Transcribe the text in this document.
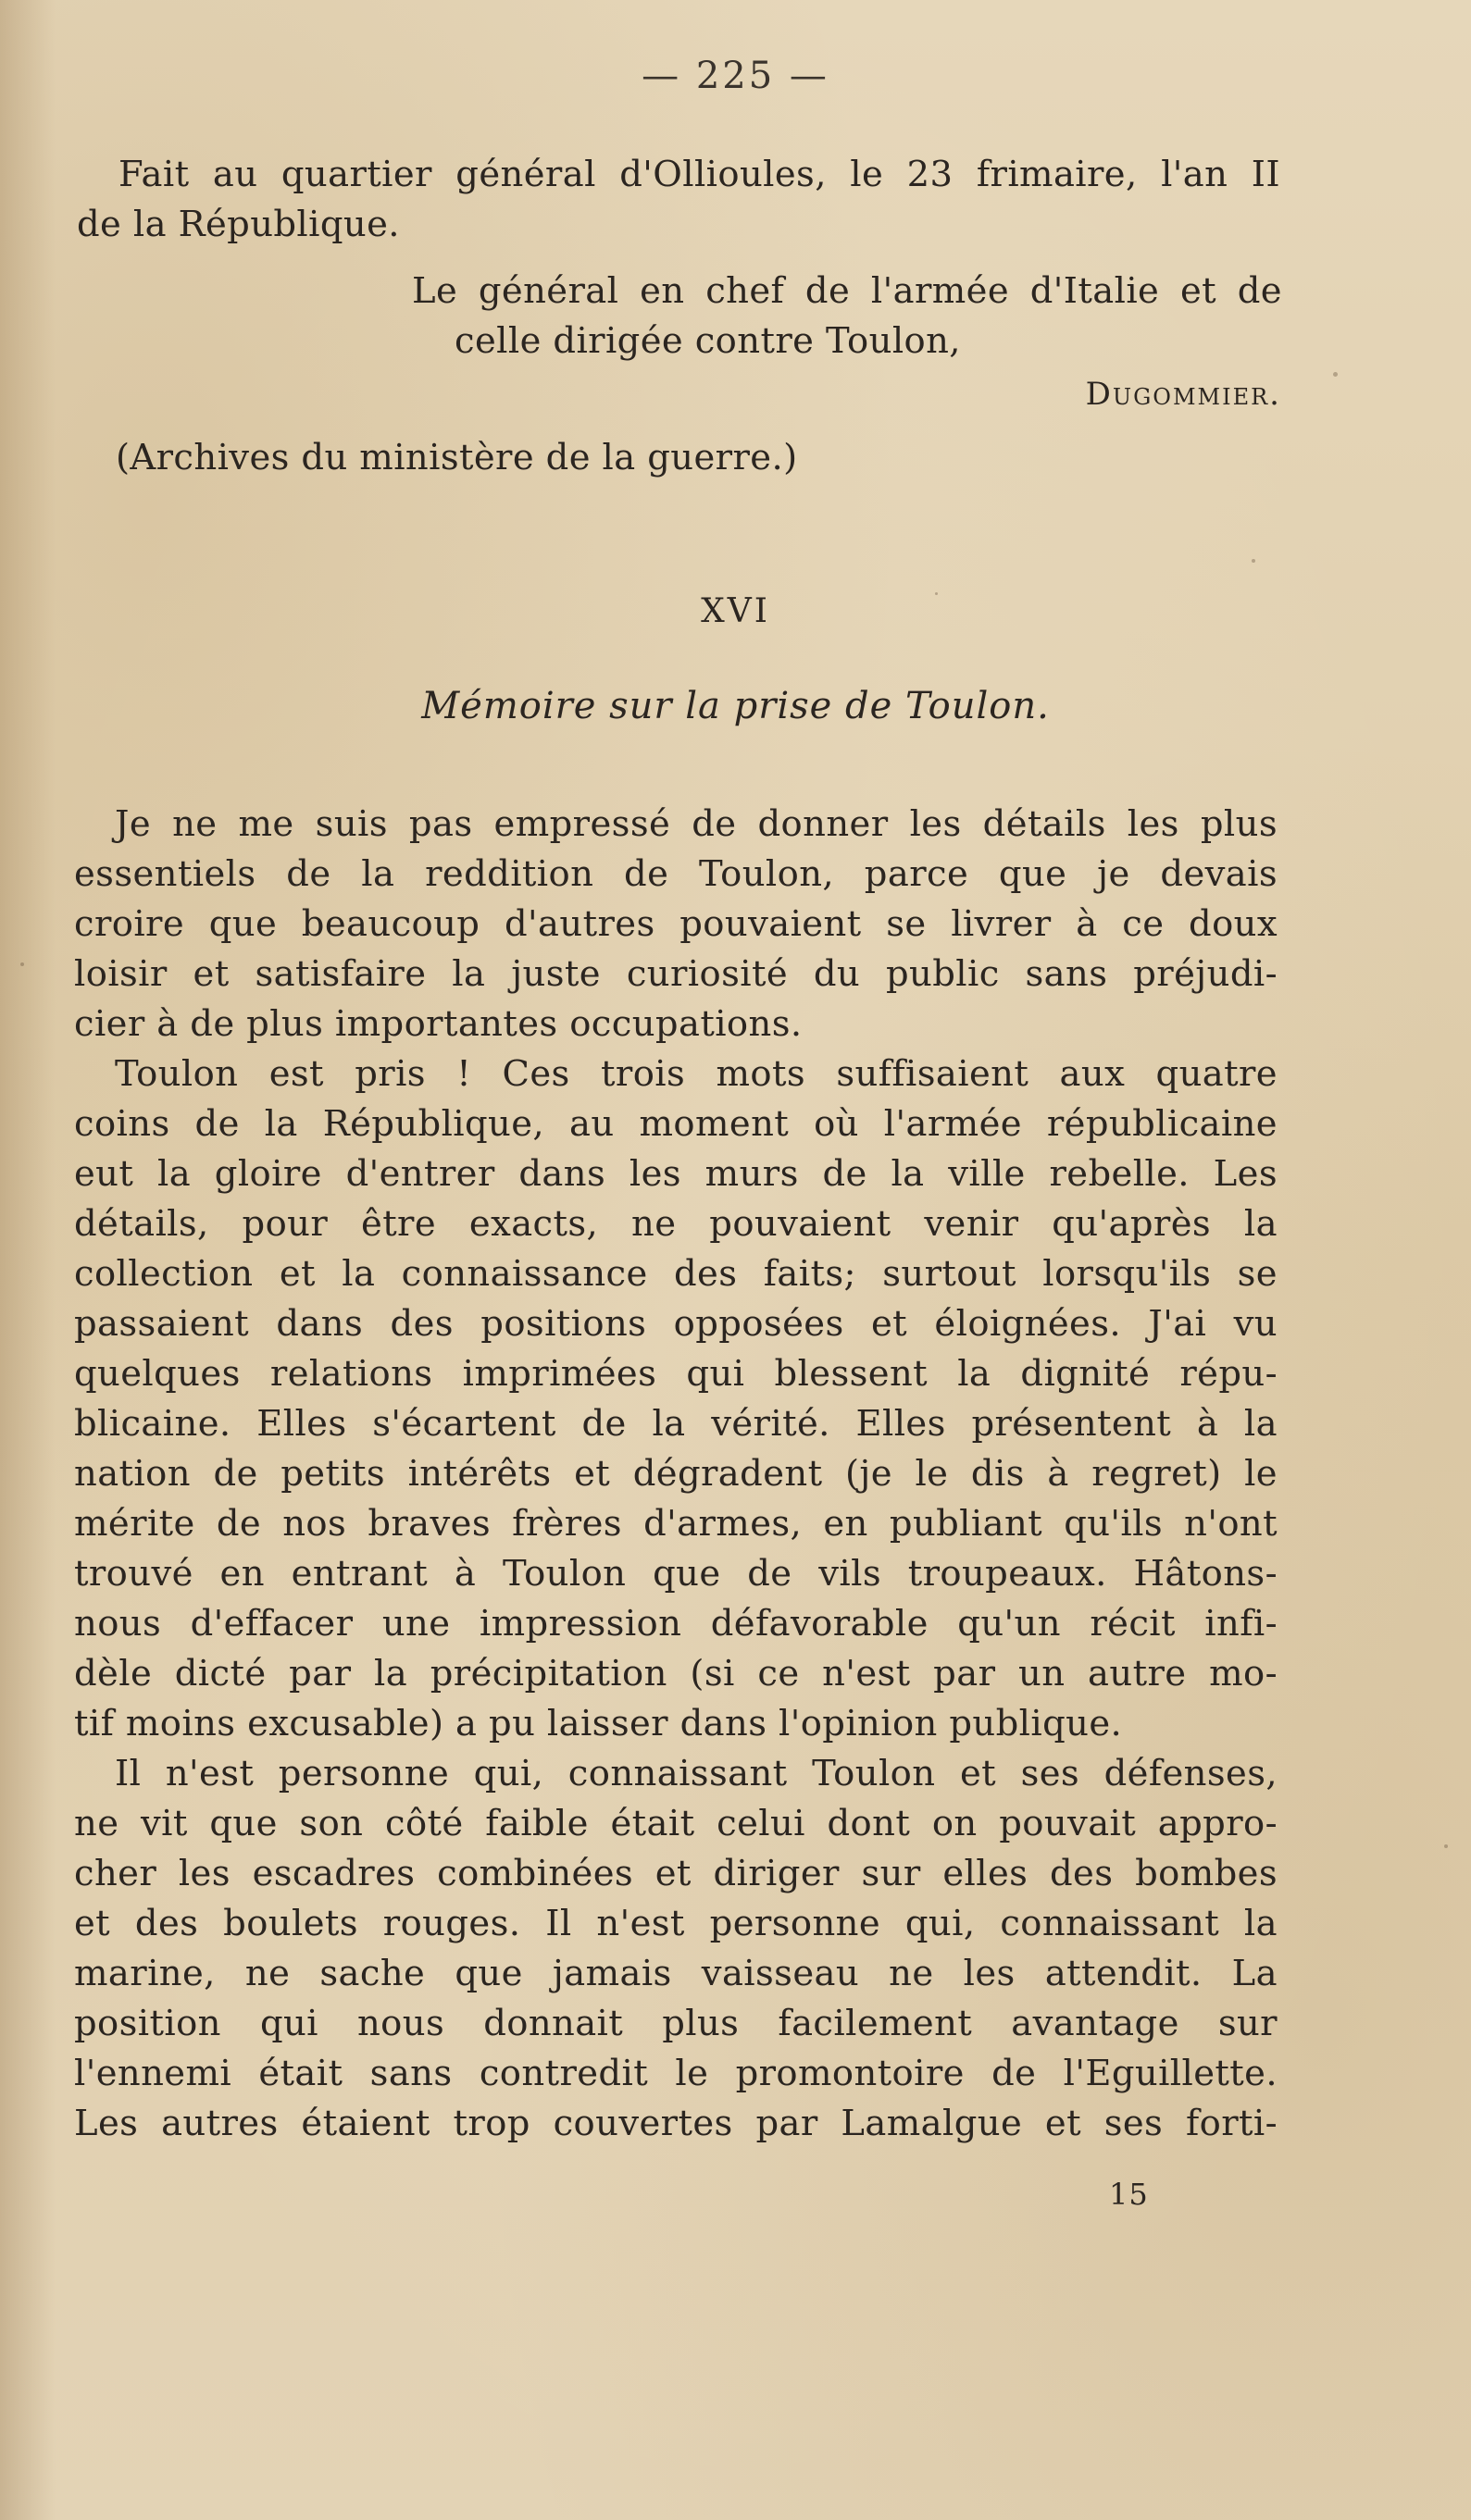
— 225 —
Fait au quartier général d'Ollioules, le 23 frimaire, l'an II
de la République.
Le général en chef de l'armée d'Italie et de
celle dirigée contre Toulon,
Dugommier.
(Archives du ministère de la guerre.)
XVI
Mémoire sur la prise de Toulon.
Je ne me suis pas empressé de donner les détails les plus
essentiels de la reddition de Toulon, parce que je devais
croire que beaucoup d'autres pouvaient se livrer à ce doux
loisir et satisfaire la juste curiosité du public sans préjudi-
cier à de plus importantes occupations.
Toulon est pris ! Ces trois mots suffisaient aux quatre
coins de la République, au moment où l'armée républicaine
eut la gloire d'entrer dans les murs de la ville rebelle. Les
détails, pour être exacts, ne pouvaient venir qu'après la
collection et la connaissance des faits; surtout lorsqu'ils se
passaient dans des positions opposées et éloignées. J'ai vu
quelques relations imprimées qui blessent la dignité répu-
blicaine. Elles s'écartent de la vérité. Elles présentent à la
nation de petits intérêts et dégradent (je le dis à regret) le
mérite de nos braves frères d'armes, en publiant qu'ils n'ont
trouvé en entrant à Toulon que de vils troupeaux. Hâtons-
nous d'effacer une impression défavorable qu'un récit infi-
dèle dicté par la précipitation (si ce n'est par un autre mo-
tif moins excusable) a pu laisser dans l'opinion publique.
Il n'est personne qui, connaissant Toulon et ses défenses,
ne vit que son côté faible était celui dont on pouvait appro-
cher les escadres combinées et diriger sur elles des bombes
et des boulets rouges. Il n'est personne qui, connaissant la
marine, ne sache que jamais vaisseau ne les attendit. La
position qui nous donnait plus facilement avantage sur
l'ennemi était sans contredit le promontoire de l'Eguillette.
Les autres étaient trop couvertes par Lamalgue et ses forti-
15
